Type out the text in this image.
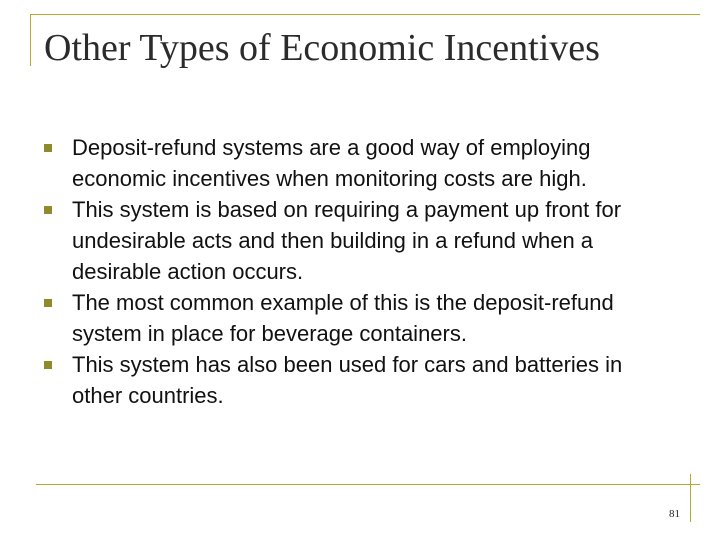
Other Types of Economic Incentives
Deposit-refund systems are a good way of employing economic incentives when monitoring costs are high.
This system is based on requiring a payment up front for undesirable acts and then building in a refund when a desirable action occurs.
The most common example of this is the deposit-refund system in place for beverage containers.
This system has also been used for cars and batteries in other countries.
81
